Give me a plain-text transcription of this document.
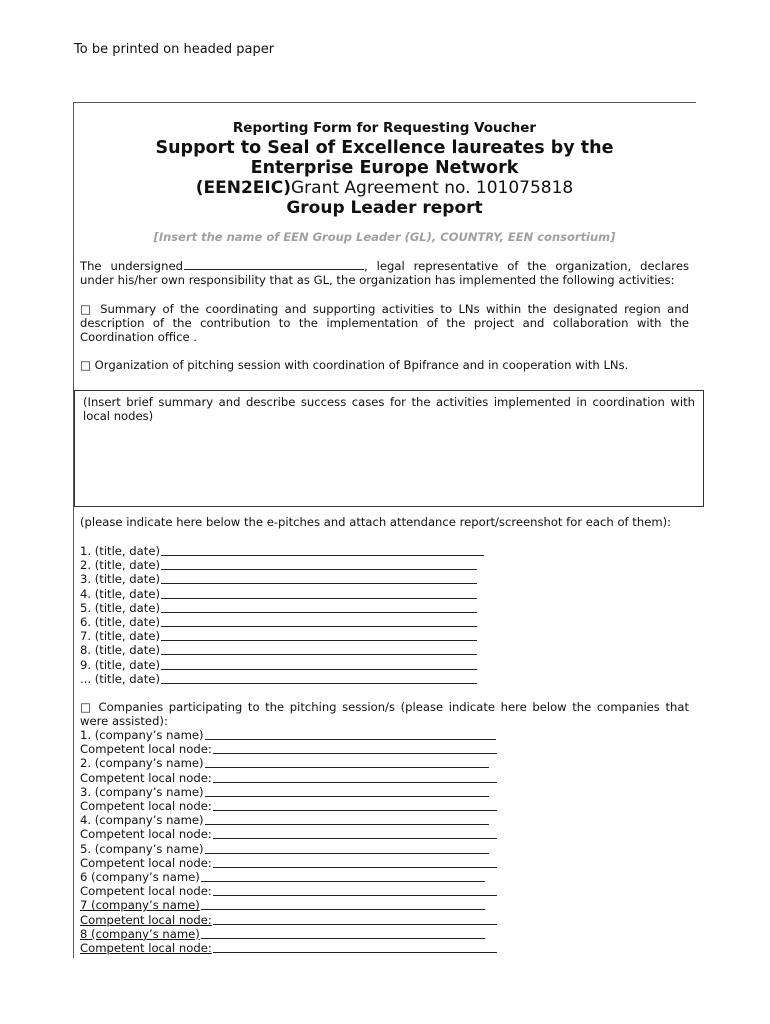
To be printed on headed paper
Reporting Form for Requesting Voucher
Support to Seal of Excellence laureates by the
Enterprise Europe Network
(EEN2EIC)Grant Agreement no. 101075818
Group Leader report
[Insert the name of EEN Group Leader (GL), COUNTRY, EEN consortium]
The undersigned	, legal representative of the organization, declares under his/her own responsibility that as GL, the organization has implemented the following activities:
□ Summary of the coordinating and supporting activities to LNs within the designated region and description of the contribution to the implementation of the project and collaboration with the Coordination office .
□ Organization of pitching session with coordination of Bpifrance and in cooperation with LNs.
(Insert brief summary and describe success cases for the activities implemented in coordination with local nodes)
(please indicate here below the e-pitches and attach attendance report/screenshot for each of them):
1. (title, date)
2. (title, date)
3. (title, date)
4. (title, date)
5. (title, date)
6. (title, date)
7. (title, date)
8. (title, date)
9. (title, date)
... (title, date)
□ Companies participating to the pitching session/s (please indicate here below the companies that were assisted):
1. (company’s name)
Competent local node:
2. (company’s name)
Competent local node:
3. (company’s name)
Competent local node:
4. (company’s name)
Competent local node:
5. (company’s name)
Competent local node:
6 (company’s name)
Competent local node:
7 (company’s name)
Competent local node:
8 (company’s name)
Competent local node:
